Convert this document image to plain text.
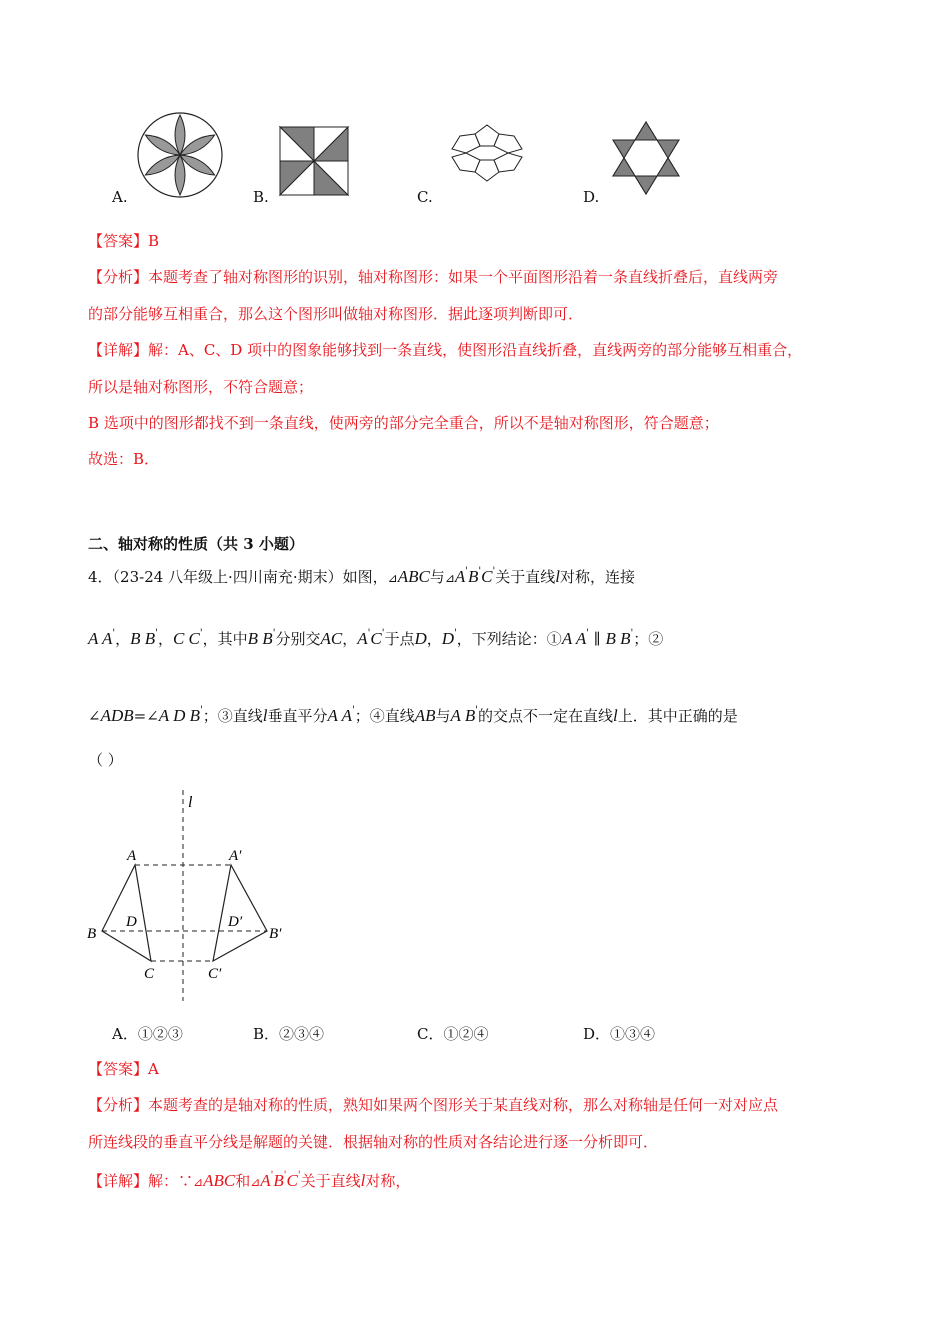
A.	B.	C.	D.
【答案】B
【分析】本题考查了轴对称图形的识别，轴对称图形：如果一个平面图形沿着一条直线折叠后，直线两旁
的部分能够互相重合，那么这个图形叫做轴对称图形．据此逐项判断即可．
【详解】解：A、C、D 项中的图象能够找到一条直线，使图形沿直线折叠，直线两旁的部分能够互相重合，
所以是轴对称图形，不符合题意；
B 选项中的图形都找不到一条直线，使两旁的部分完全重合，所以不是轴对称图形，符合题意；
故选：B．
二、轴对称的性质（共 3 小题）
4．（23-24 八年级上·四川南充·期末）如图，⊿ABC与⊿A'B'C'关于直线l对称，连接
A A'，B B'，C C'，其中B B'分别交AC，A'C'于点D，D'，下列结论：①A A' ∥ B B'；②
∠ADB=∠A D B'；③直线l垂直平分A A'；④直线AB与A B'的交点不一定在直线l上．其中正确的是
（ ）
l
A	A′
B	B′
C	C′
D	D′
A．①②③	B．②③④	C．①②④	D．①③④
【答案】A
【分析】本题考查的是轴对称的性质，熟知如果两个图形关于某直线对称，那么对称轴是任何一对对应点
所连线段的垂直平分线是解题的关键．根据轴对称的性质对各结论进行逐一分析即可．
【详解】解：∵⊿ABC和⊿A'B'C'关于直线l对称，
